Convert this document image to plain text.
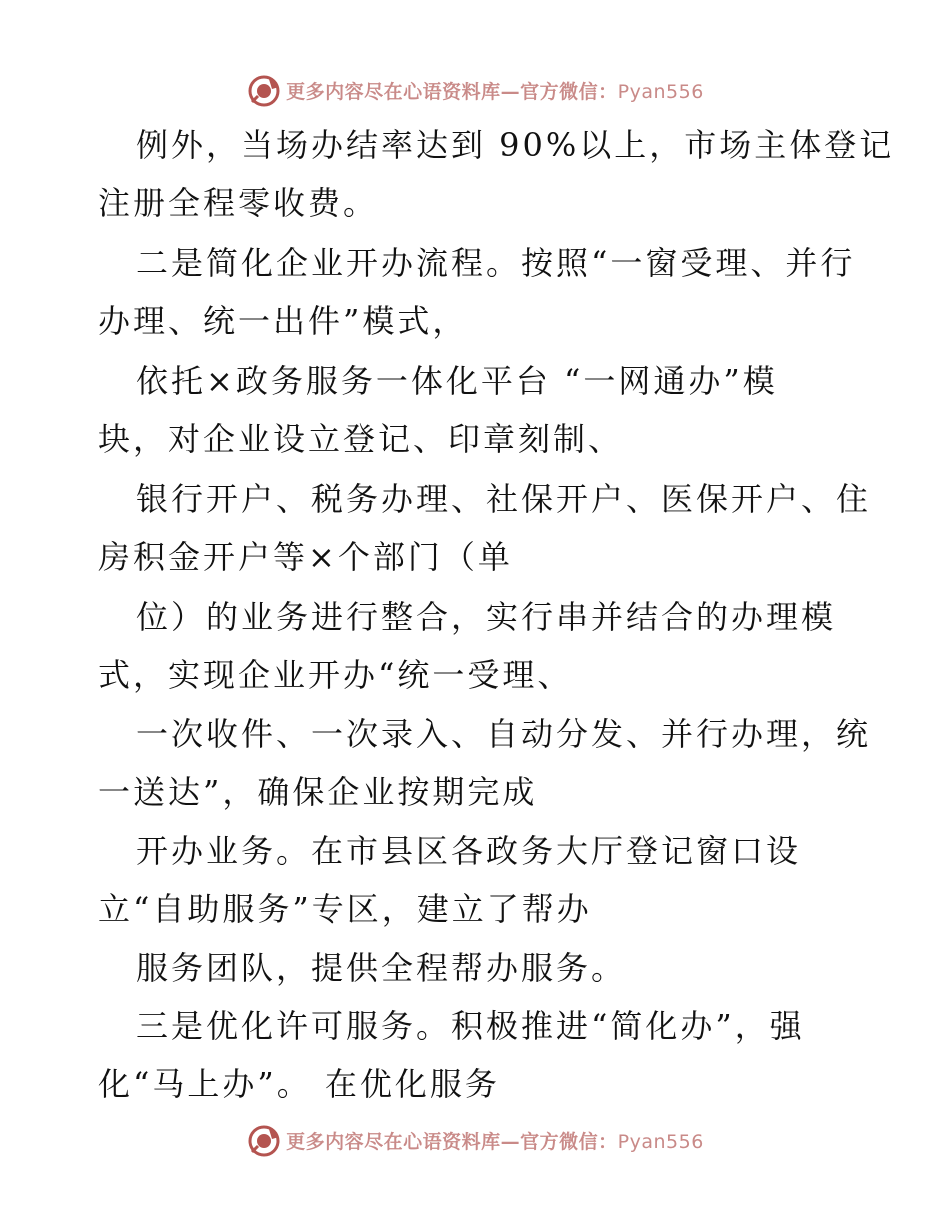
更多内容尽在心语资料库—官方微信：Pyan556
例外，当场办结率达到 90%以上，市场主体登记
注册全程零收费。
二是简化企业开办流程。按照“一窗受理、并行
办理、统一出件”模式，
依托×政务服务一体化平台 “一网通办”模
块，对企业设立登记、印章刻制、
银行开户、税务办理、社保开户、医保开户、住
房积金开户等×个部门（单
位）的业务进行整合，实行串并结合的办理模
式，实现企业开办“统一受理、
一次收件、一次录入、自动分发、并行办理，统
一送达”，确保企业按期完成
开办业务。在市县区各政务大厅登记窗口设
立“自助服务”专区，建立了帮办
服务团队，提供全程帮办服务。
三是优化许可服务。积极推进“简化办”，强
化“马上办”。 在优化服务
更多内容尽在心语资料库—官方微信：Pyan556
